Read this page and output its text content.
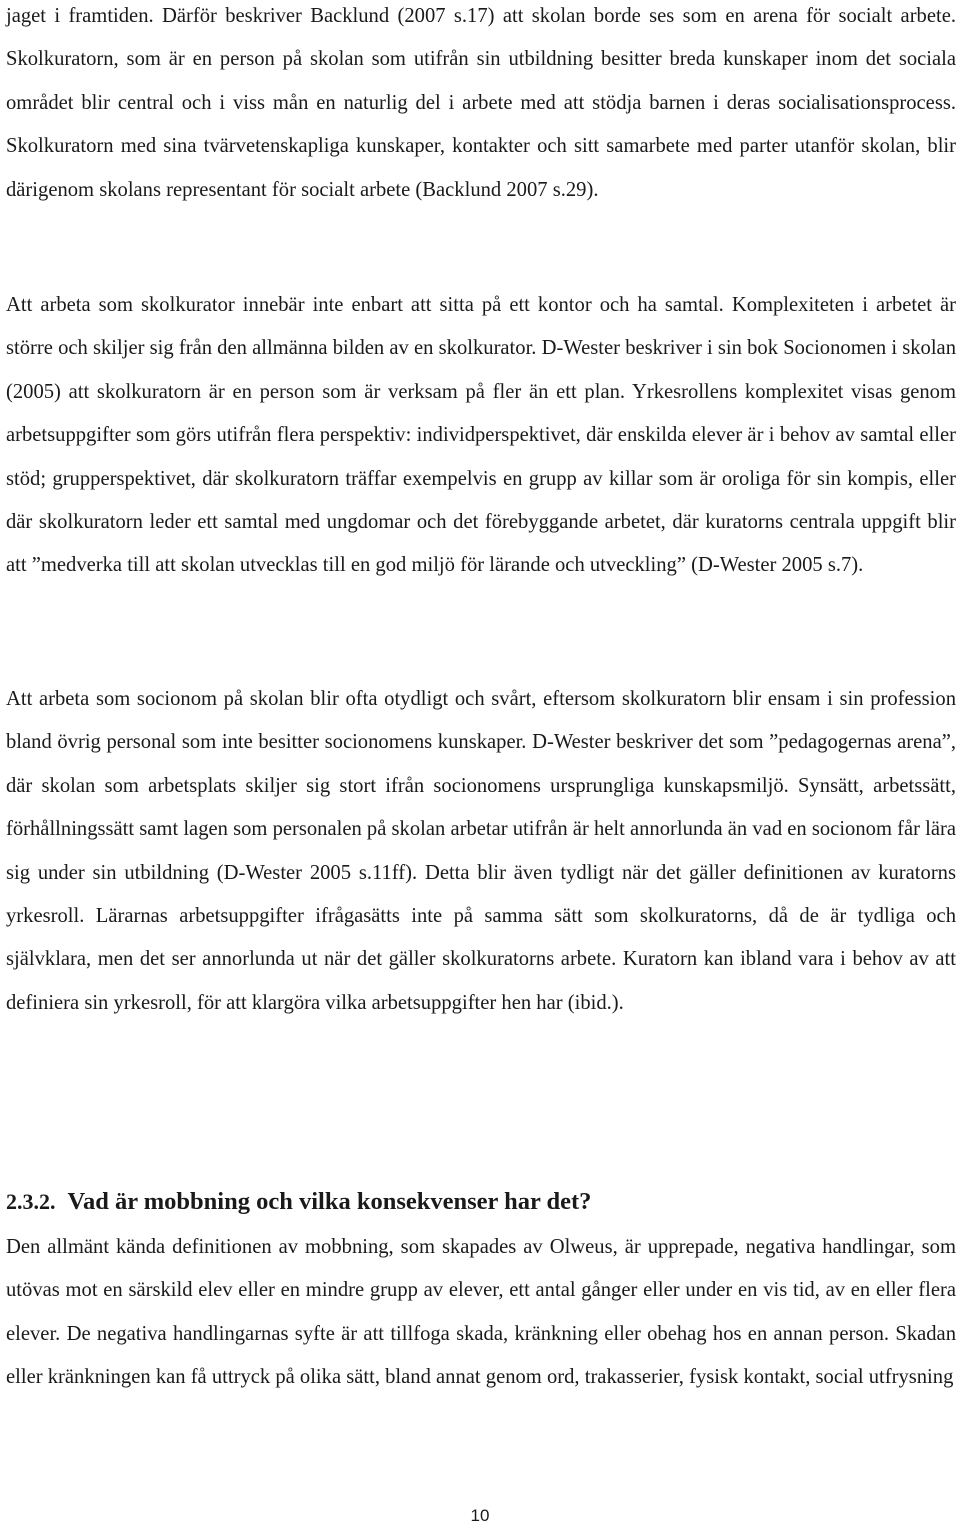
jaget i framtiden. Därför beskriver Backlund (2007 s.17) att skolan borde ses som en arena för socialt arbete. Skolkuratorn, som är en person på skolan som utifrån sin utbildning besitter breda kunskaper inom det sociala området blir central och i viss mån en naturlig del i arbete med att stödja barnen i deras socialisationsprocess. Skolkuratorn med sina tvärvetenskapliga kunskaper, kontakter och sitt samarbete med parter utanför skolan, blir därigenom skolans representant för socialt arbete (Backlund 2007 s.29).

Att arbeta som skolkurator innebär inte enbart att sitta på ett kontor och ha samtal. Komplexiteten i arbetet är större och skiljer sig från den allmänna bilden av en skolkurator. D-Wester beskriver i sin bok Socionomen i skolan (2005) att skolkuratorn är en person som är verksam på fler än ett plan. Yrkesrollens komplexitet visas genom arbetsuppgifter som görs utifrån flera perspektiv: individperspektivet, där enskilda elever är i behov av samtal eller stöd; grupperspektivet, där skolkuratorn träffar exempelvis en grupp av killar som är oroliga för sin kompis, eller där skolkuratorn leder ett samtal med ungdomar och det förebyggande arbetet, där kuratorns centrala uppgift blir att ”medverka till att skolan utvecklas till en god miljö för lärande och utveckling” (D-Wester 2005 s.7).

Att arbeta som socionom på skolan blir ofta otydligt och svårt, eftersom skolkuratorn blir ensam i sin profession bland övrig personal som inte besitter socionomens kunskaper. D-Wester beskriver det som ”pedagogernas arena”, där skolan som arbetsplats skiljer sig stort ifrån socionomens ursprungliga kunskapsmiljö. Synsätt, arbetssätt, förhållningssätt samt lagen som personalen på skolan arbetar utifrån är helt annorlunda än vad en socionom får lära sig under sin utbildning (D-Wester 2005 s.11ff). Detta blir även tydligt när det gäller definitionen av kuratorns yrkesroll. Lärarnas arbetsuppgifter ifrågasätts inte på samma sätt som skolkuratorns, då de är tydliga och självklara, men det ser annorlunda ut när det gäller skolkuratorns arbete. Kuratorn kan ibland vara i behov av att definiera sin yrkesroll, för att klargöra vilka arbetsuppgifter hen har (ibid.).

2.3.2. Vad är mobbning och vilka konsekvenser har det?

Den allmänt kända definitionen av mobbning, som skapades av Olweus, är upprepade, negativa handlingar, som utövas mot en särskild elev eller en mindre grupp av elever, ett antal gånger eller under en vis tid, av en eller flera elever. De negativa handlingarnas syfte är att tillfoga skada, kränkning eller obehag hos en annan person. Skadan eller kränkningen kan få uttryck på olika sätt, bland annat genom ord, trakasserier, fysisk kontakt, social utfrysning

10
